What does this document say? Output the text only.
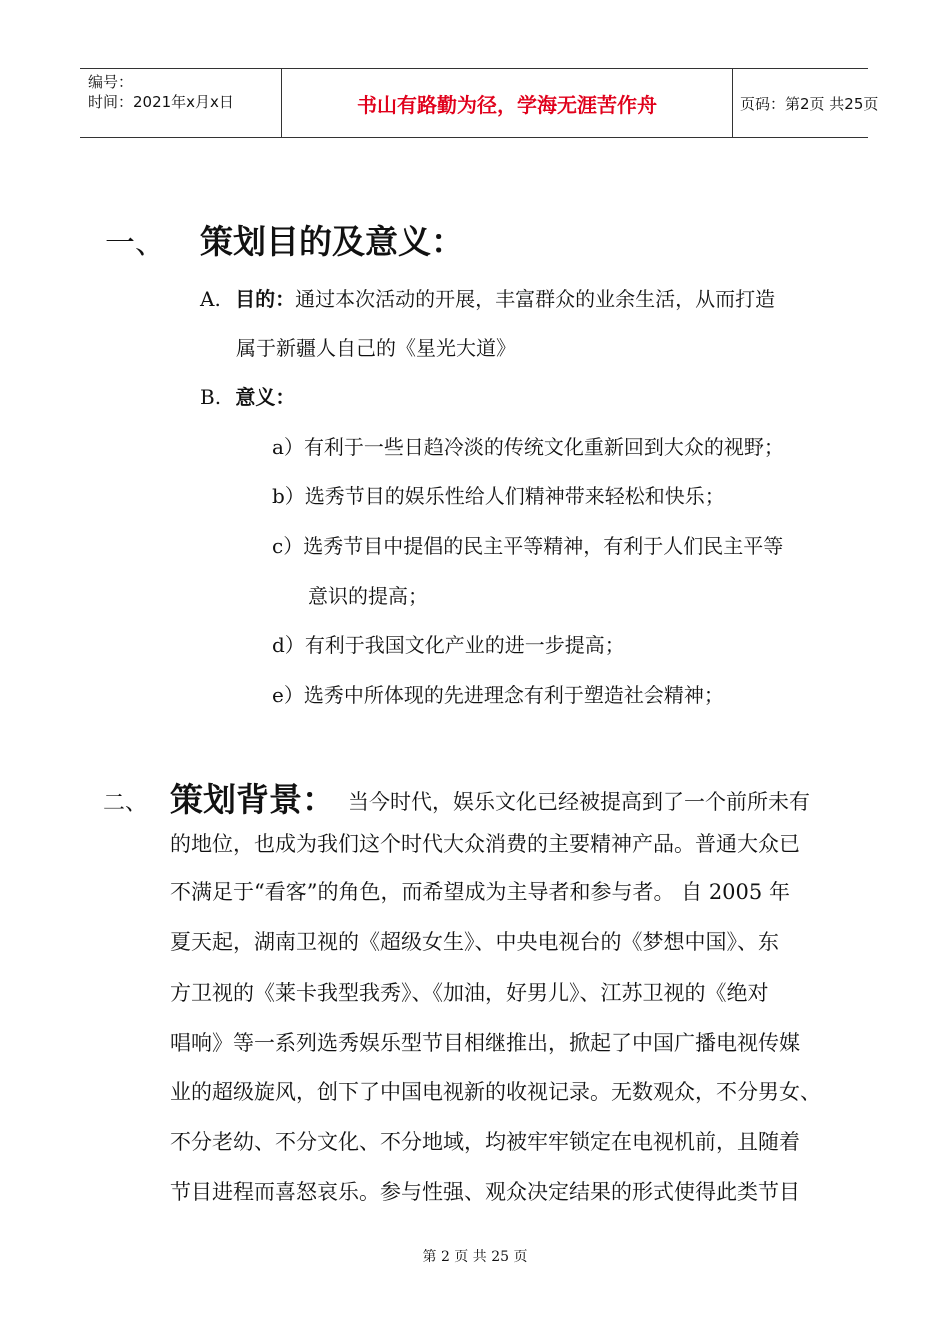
编号：
时间：2021年x月x日	书山有路勤为径，学海无涯苦作舟	页码：第2页 共25页
一、 策划目的及意义：
A. 目的：通过本次活动的开展，丰富群众的业余生活，从而打造
属于新疆人自己的《星光大道》
B. 意义：
a）有利于一些日趋冷淡的传统文化重新回到大众的视野；
b）选秀节目的娱乐性给人们精神带来轻松和快乐；
c）选秀节目中提倡的民主平等精神，有利于人们民主平等
意识的提高；
d）有利于我国文化产业的进一步提高；
e）选秀中所体现的先进理念有利于塑造社会精神；
二、 策划背景： 当今时代，娱乐文化已经被提高到了一个前所未有
的地位，也成为我们这个时代大众消费的主要精神产品。普通大众已
不满足于“看客”的角色，而希望成为主导者和参与者。 自 2005 年
夏天起，湖南卫视的《超级女生》、中央电视台的《梦想中国》、东
方卫视的《莱卡我型我秀》、《加油，好男儿》、江苏卫视的《绝对
唱响》等一系列选秀娱乐型节目相继推出，掀起了中国广播电视传媒
业的超级旋风，创下了中国电视新的收视记录。无数观众，不分男女、
不分老幼、不分文化、不分地域，均被牢牢锁定在电视机前，且随着
节目进程而喜怒哀乐。参与性强、观众决定结果的形式使得此类节目
第 2 页 共 25 页
